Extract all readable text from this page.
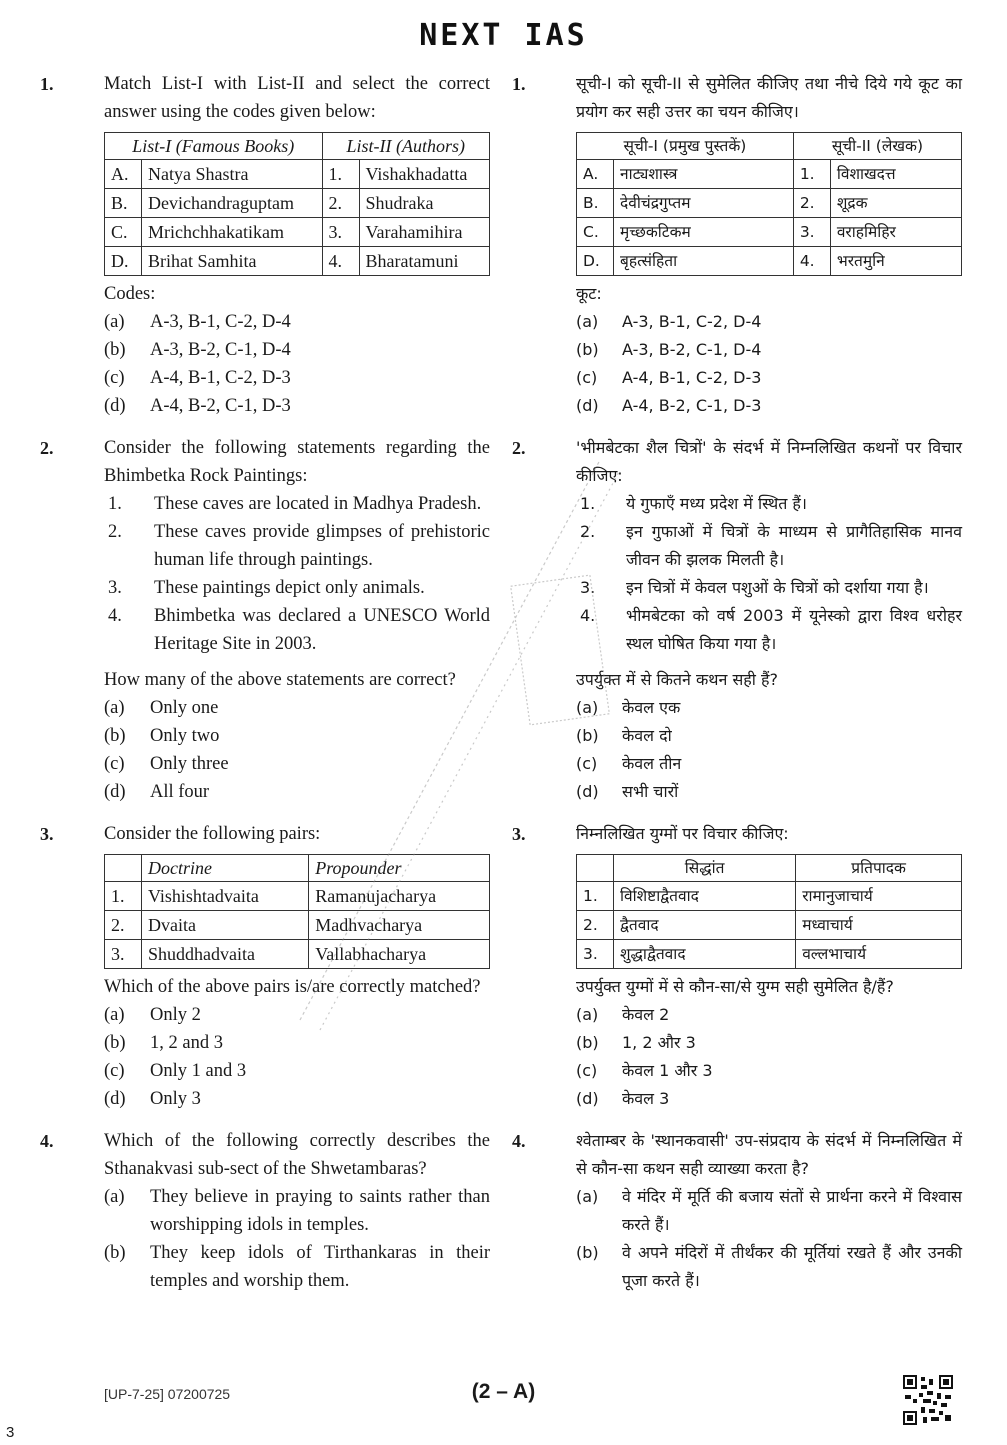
NEXT IAS
1.	Match List-I with List-II and select the correct answer using the codes given below:
List-I (Famous Books)		List-II (Authors)	
A.	Natya Shastra	1.	Vishakhadatta
B.	Devichandraguptam	2.	Shudraka
C.	Mrichchhakatikam	3.	Varahamihira
D.	Brihat Samhita	4.	Bharatamuni
Codes:
(a)	A-3, B-1, C-2, D-4
(b)	A-3, B-2, C-1, D-4
(c)	A-4, B-1, C-2, D-3
(d)	A-4, B-2, C-1, D-3
2.	Consider the following statements regarding the Bhimbetka Rock Paintings:
1.	These caves are located in Madhya Pradesh.
2.	These caves provide glimpses of prehistoric human life through paintings.
3.	These paintings depict only animals.
4.	Bhimbetka was declared a UNESCO World Heritage Site in 2003.
How many of the above statements are correct?
(a)	Only one
(b)	Only two
(c)	Only three
(d)	All four
3.	Consider the following pairs:
	Doctrine	Propounder
1.	Vishishtadvaita	Ramanujacharya
2.	Dvaita	Madhvacharya
3.	Shuddhadvaita	Vallabhacharya
Which of the above pairs is/are correctly matched?
(a)	Only 2
(b)	1, 2 and 3
(c)	Only 1 and 3
(d)	Only 3
4.	Which of the following correctly describes the Sthanakvasi sub-sect of the Shwetambaras?
(a)	They believe in praying to saints rather than worshipping idols in temples.
(b)	They keep idols of Tirthankaras in their temples and worship them.
1.	सूची-I को सूची-II से सुमेलित कीजिए तथा नीचे दिये गये कूट का प्रयोग कर सही उत्तर का चयन कीजिए।
सूची-I (प्रमुख पुस्तकें)		सूची-II (लेखक)	
A.	नाट्यशास्त्र	1.	विशाखदत्त
B.	देवीचंद्रगुप्तम	2.	शूद्रक
C.	मृच्छकटिकम	3.	वराहमिहिर
D.	बृहत्संहिता	4.	भरतमुनि
कूट:
(a)	A-3, B-1, C-2, D-4
(b)	A-3, B-2, C-1, D-4
(c)	A-4, B-1, C-2, D-3
(d)	A-4, B-2, C-1, D-3
2.	'भीमबेटका शैल चित्रों' के संदर्भ में निम्नलिखित कथनों पर विचार कीजिए:
1.	ये गुफाएँ मध्य प्रदेश में स्थित हैं।
2.	इन गुफाओं में चित्रों के माध्यम से प्रागैतिहासिक मानव जीवन की झलक मिलती है।
3.	इन चित्रों में केवल पशुओं के चित्रों को दर्शाया गया है।
4.	भीमबेटका को वर्ष 2003 में यूनेस्को द्वारा विश्व धरोहर स्थल घोषित किया गया है।
उपर्युक्त में से कितने कथन सही हैं?
(a)	केवल एक
(b)	केवल दो
(c)	केवल तीन
(d)	सभी चारों
3.	निम्नलिखित युग्मों पर विचार कीजिए:
	सिद्धांत	प्रतिपादक
1.	विशिष्टाद्वैतवाद	रामानुजाचार्य
2.	द्वैतवाद	मध्वाचार्य
3.	शुद्धाद्वैतवाद	वल्लभाचार्य
उपर्युक्त युग्मों में से कौन-सा/से युग्म सही सुमेलित है/हैं?
(a)	केवल 2
(b)	1, 2 और 3
(c)	केवल 1 और 3
(d)	केवल 3
4.	श्वेताम्बर के 'स्थानकवासी' उप-संप्रदाय के संदर्भ में निम्नलिखित में से कौन-सा कथन सही व्याख्या करता है?
(a)	वे मंदिर में मूर्ति की बजाय संतों से प्रार्थना करने में विश्वास करते हैं।
(b)	वे अपने मंदिरों में तीर्थंकर की मूर्तियां रखते हैं और उनकी पूजा करते हैं।
[UP-7-25] 07200725	(2 – A)
3
